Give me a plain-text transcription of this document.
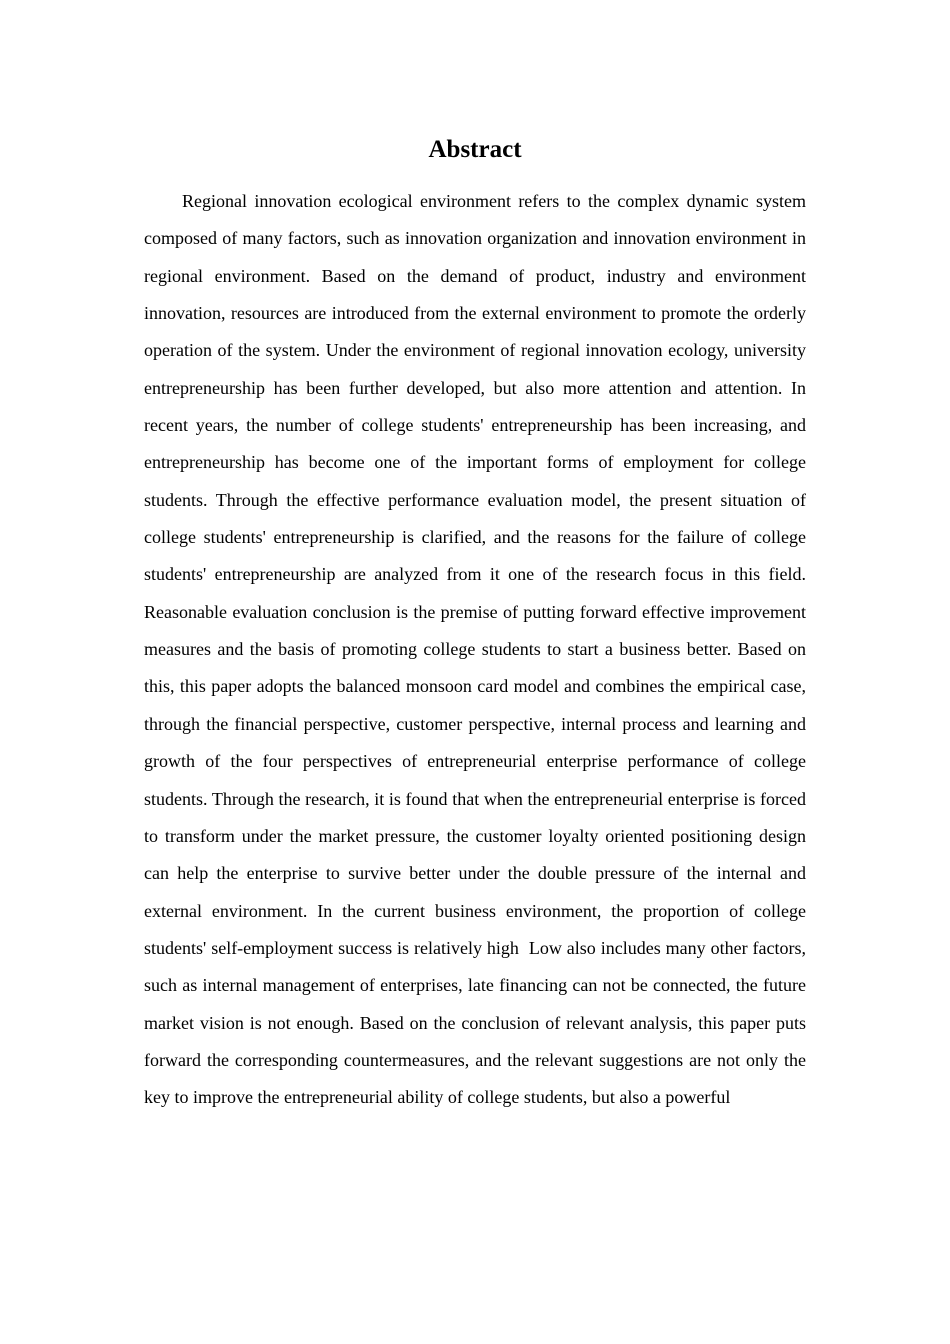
Abstract

Regional innovation ecological environment refers to the complex dynamic system composed of many factors, such as innovation organization and innovation environment in regional environment. Based on the demand of product, industry and environment innovation, resources are introduced from the external environment to promote the orderly operation of the system. Under the environment of regional innovation ecology, university entrepreneurship has been further developed, but also more attention and attention. In recent years, the number of college students' entrepreneurship has been increasing, and entrepreneurship has become one of the important forms of employment for college students. Through the effective performance evaluation model, the present situation of college students' entrepreneurship is clarified, and the reasons for the failure of college students' entrepreneurship are analyzed from it one of the research focus in this field. Reasonable evaluation conclusion is the premise of putting forward effective improvement measures and the basis of promoting college students to start a business better. Based on this, this paper adopts the balanced monsoon card model and combines the empirical case, through the financial perspective, customer perspective, internal process and learning and growth of the four perspectives of entrepreneurial enterprise performance of college students. Through the research, it is found that when the entrepreneurial enterprise is forced to transform under the market pressure, the customer loyalty oriented positioning design can help the enterprise to survive better under the double pressure of the internal and external environment. In the current business environment, the proportion of college students' self-employment success is relatively high  Low also includes many other factors, such as internal management of enterprises, late financing can not be connected, the future market vision is not enough. Based on the conclusion of relevant analysis, this paper puts forward the corresponding countermeasures, and the relevant suggestions are not only the key to improve the entrepreneurial ability of college students, but also a powerful
